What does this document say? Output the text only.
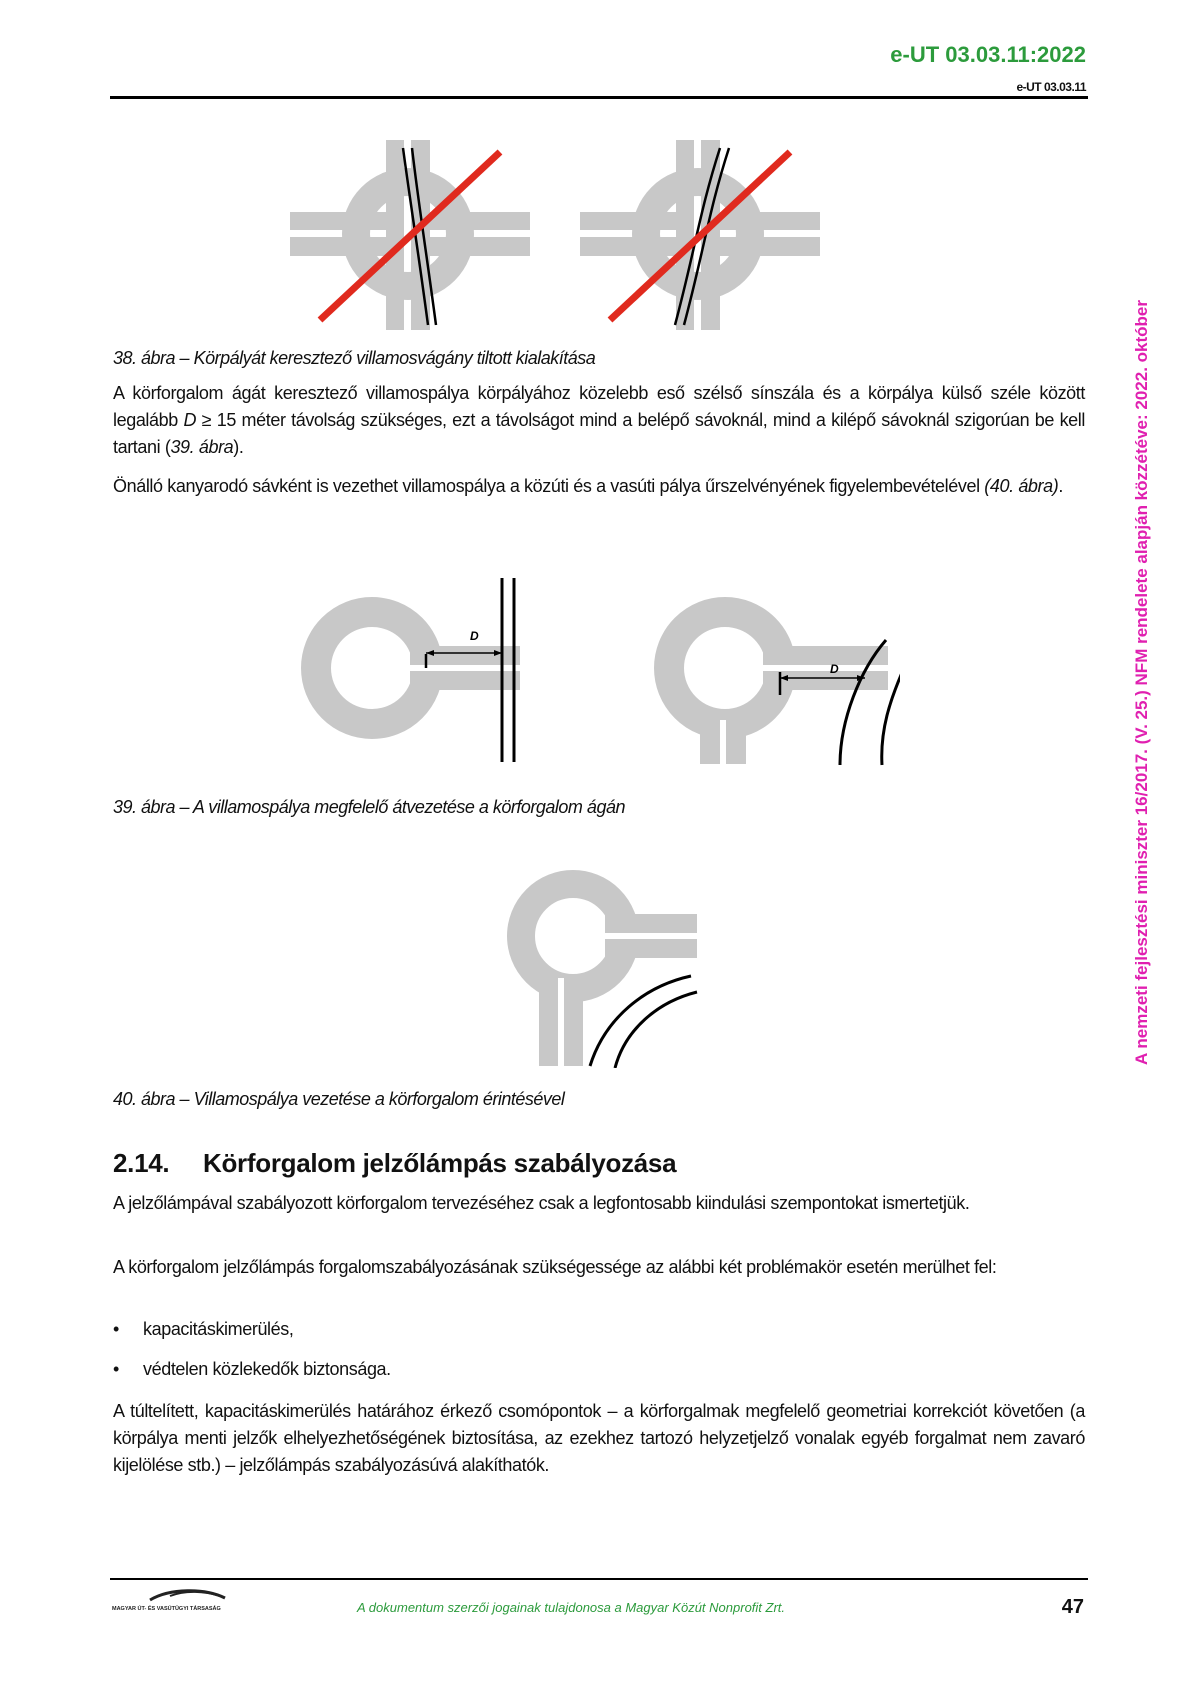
e-UT 03.03.11:2022
e-UT 03.03.11
38. ábra – Körpályát keresztező villamosvágány tiltott kialakítása
A körforgalom ágát keresztező villamospálya körpályához közelebb eső szélső sínszála és a körpálya külső széle között legalább D ≥ 15 méter távolság szükséges, ezt a távolságot mind a belépő sávoknál, mind a kilépő sávoknál szigorúan be kell tartani (39. ábra).
Önálló kanyarodó sávként is vezethet villamospálya a közúti és a vasúti pálya űrszelvényének figyelembevételével (40. ábra).
D
D
39. ábra – A villamospálya megfelelő átvezetése a körforgalom ágán
40. ábra – Villamospálya vezetése a körforgalom érintésével
2.14. Körforgalom jelzőlámpás szabályozása
A jelzőlámpával szabályozott körforgalom tervezéséhez csak a legfontosabb kiindulási szempontokat ismertetjük.
A körforgalom jelzőlámpás forgalomszabályozásának szükségessége az alábbi két problémakör esetén merülhet fel:
• kapacitáskimerülés,
• védtelen közlekedők biztonsága.
A túltelített, kapacitáskimerülés határához érkező csomópontok – a körforgalmak megfelelő geometriai korrekciót követően (a körpálya menti jelzők elhelyezhetőségének biztosítása, az ezekhez tartozó helyzetjelző vonalak egyéb forgalmat nem zavaró kijelölése stb.) – jelzőlámpás szabályozásúvá alakíthatók.
A nemzeti fejlesztési miniszter 16/2017. (V. 25.) NFM rendelete alapján közzétéve: 2022. október
MAGYAR ÚT- ÉS VASÚTÜGYI TÁRSASÁG	A dokumentum szerzői jogainak tulajdonosa a Magyar Közút Nonprofit Zrt.	47
